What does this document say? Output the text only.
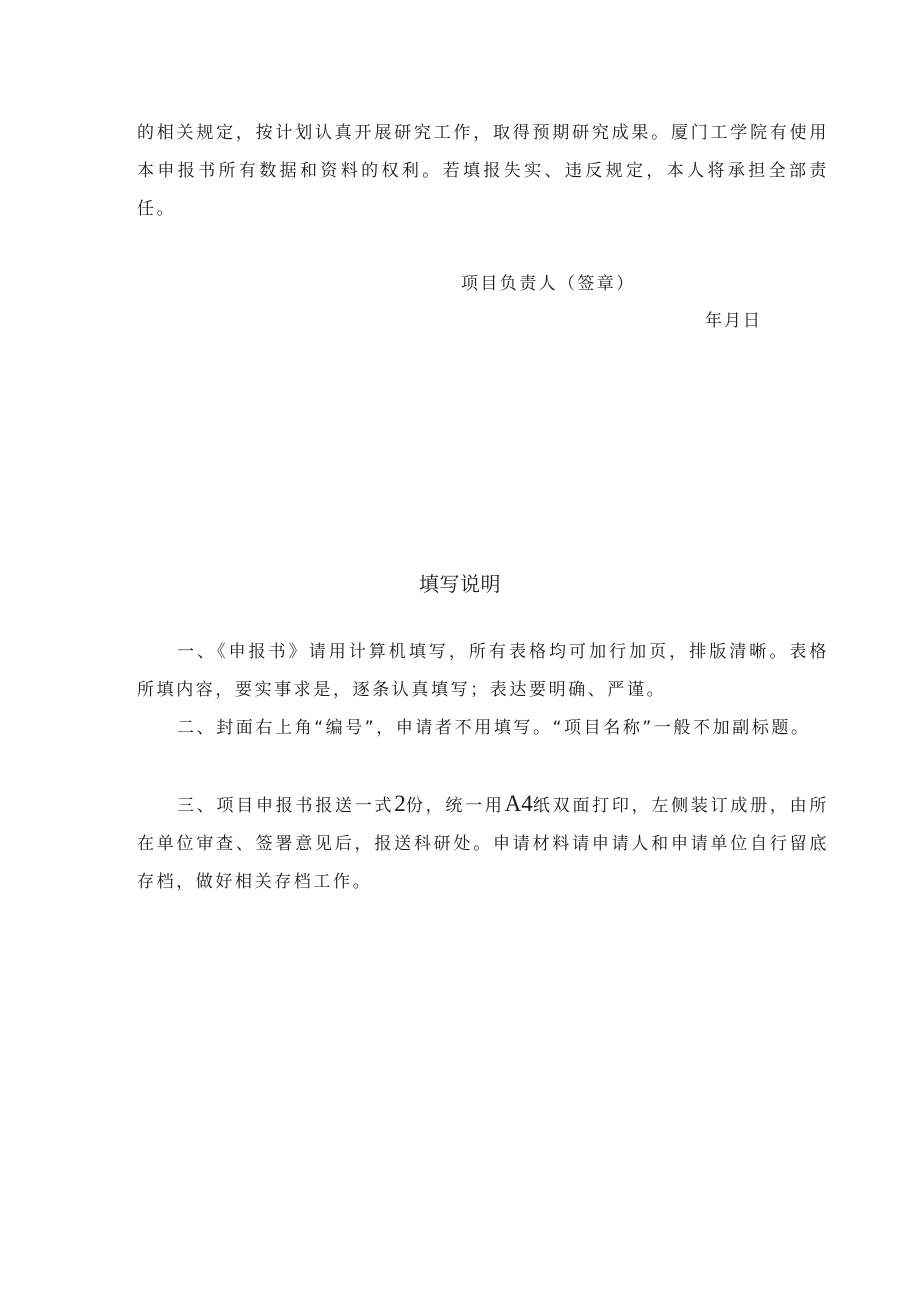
的相关规定，按计划认真开展研究工作，取得预期研究成果。厦门工学院有使用本申报书所有数据和资料的权利。若填报失实、违反规定，本人将承担全部责任。

项目负责人（签章）
年月日
填写说明

一、《申报书》请用计算机填写，所有表格均可加行加页，排版清晰。表格所填内容，要实事求是，逐条认真填写；表达要明确、严谨。

二、封面右上角“编号”，申请者不用填写。“项目名称”一般不加副标题。

三、项目申报书报送一式2份，统一用A4纸双面打印，左侧装订成册，由所在单位审查、签署意见后，报送科研处。申请材料请申请人和申请单位自行留底存档，做好相关存档工作。
